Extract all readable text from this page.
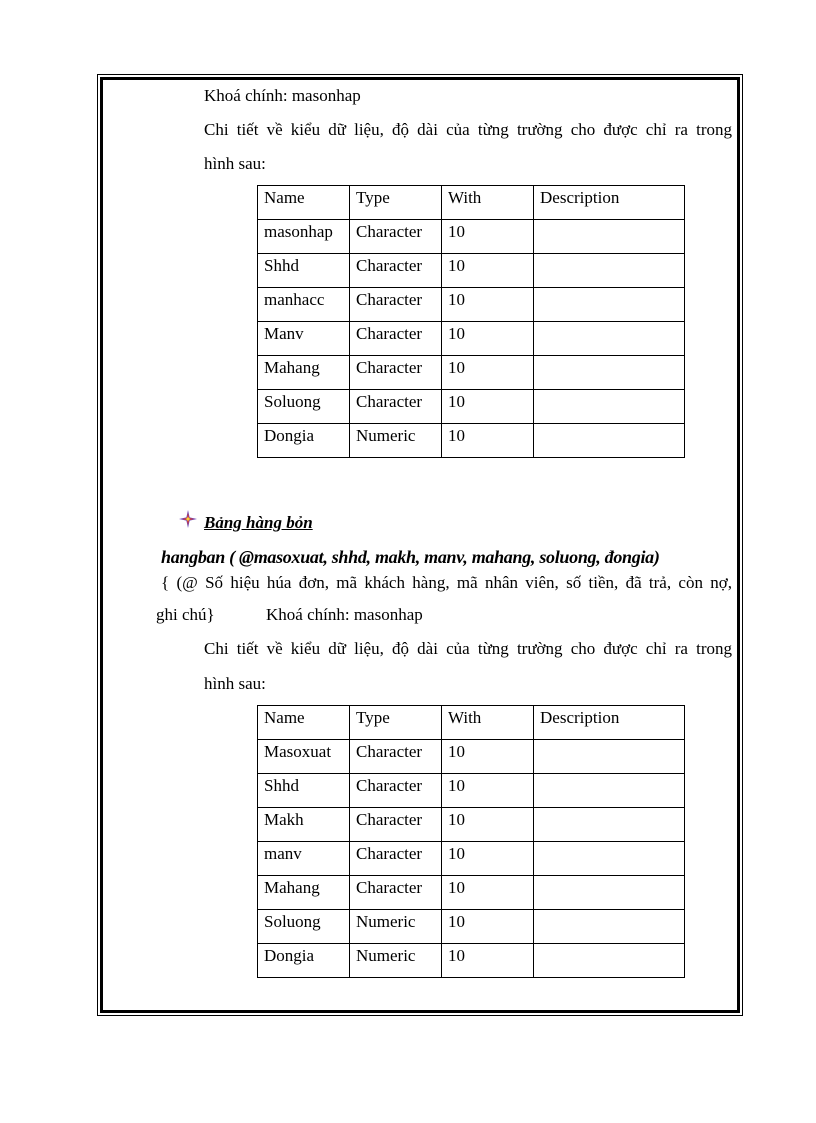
Khoá chính: masonhap
Chi tiết về kiểu dữ liệu, độ dài của từng trường cho được chỉ ra trong
hình sau:
Name	Type	With	Description
masonhap	Character	10	
Shhd	Character	10	
manhacc	Character	10	
Manv	Character	10	
Mahang	Character	10	
Soluong	Character	10	
Dongia	Numeric	10	
Bảng hàng bỏn
hangban ( @masoxuat, shhd, makh, manv, mahang, soluong, đongia)
{ (@ Số hiệu húa đơn, mã khách hàng, mã nhân viên, số tiền, đã trả, còn nợ,
ghi chú}	Khoá chính: masonhap
Chi tiết về kiểu dữ liệu, độ dài của từng trường cho được chỉ ra trong
hình sau:
Name	Type	With	Description
Masoxuat	Character	10	
Shhd	Character	10	
Makh	Character	10	
manv	Character	10	
Mahang	Character	10	
Soluong	Numeric	10	
Dongia	Numeric	10	
